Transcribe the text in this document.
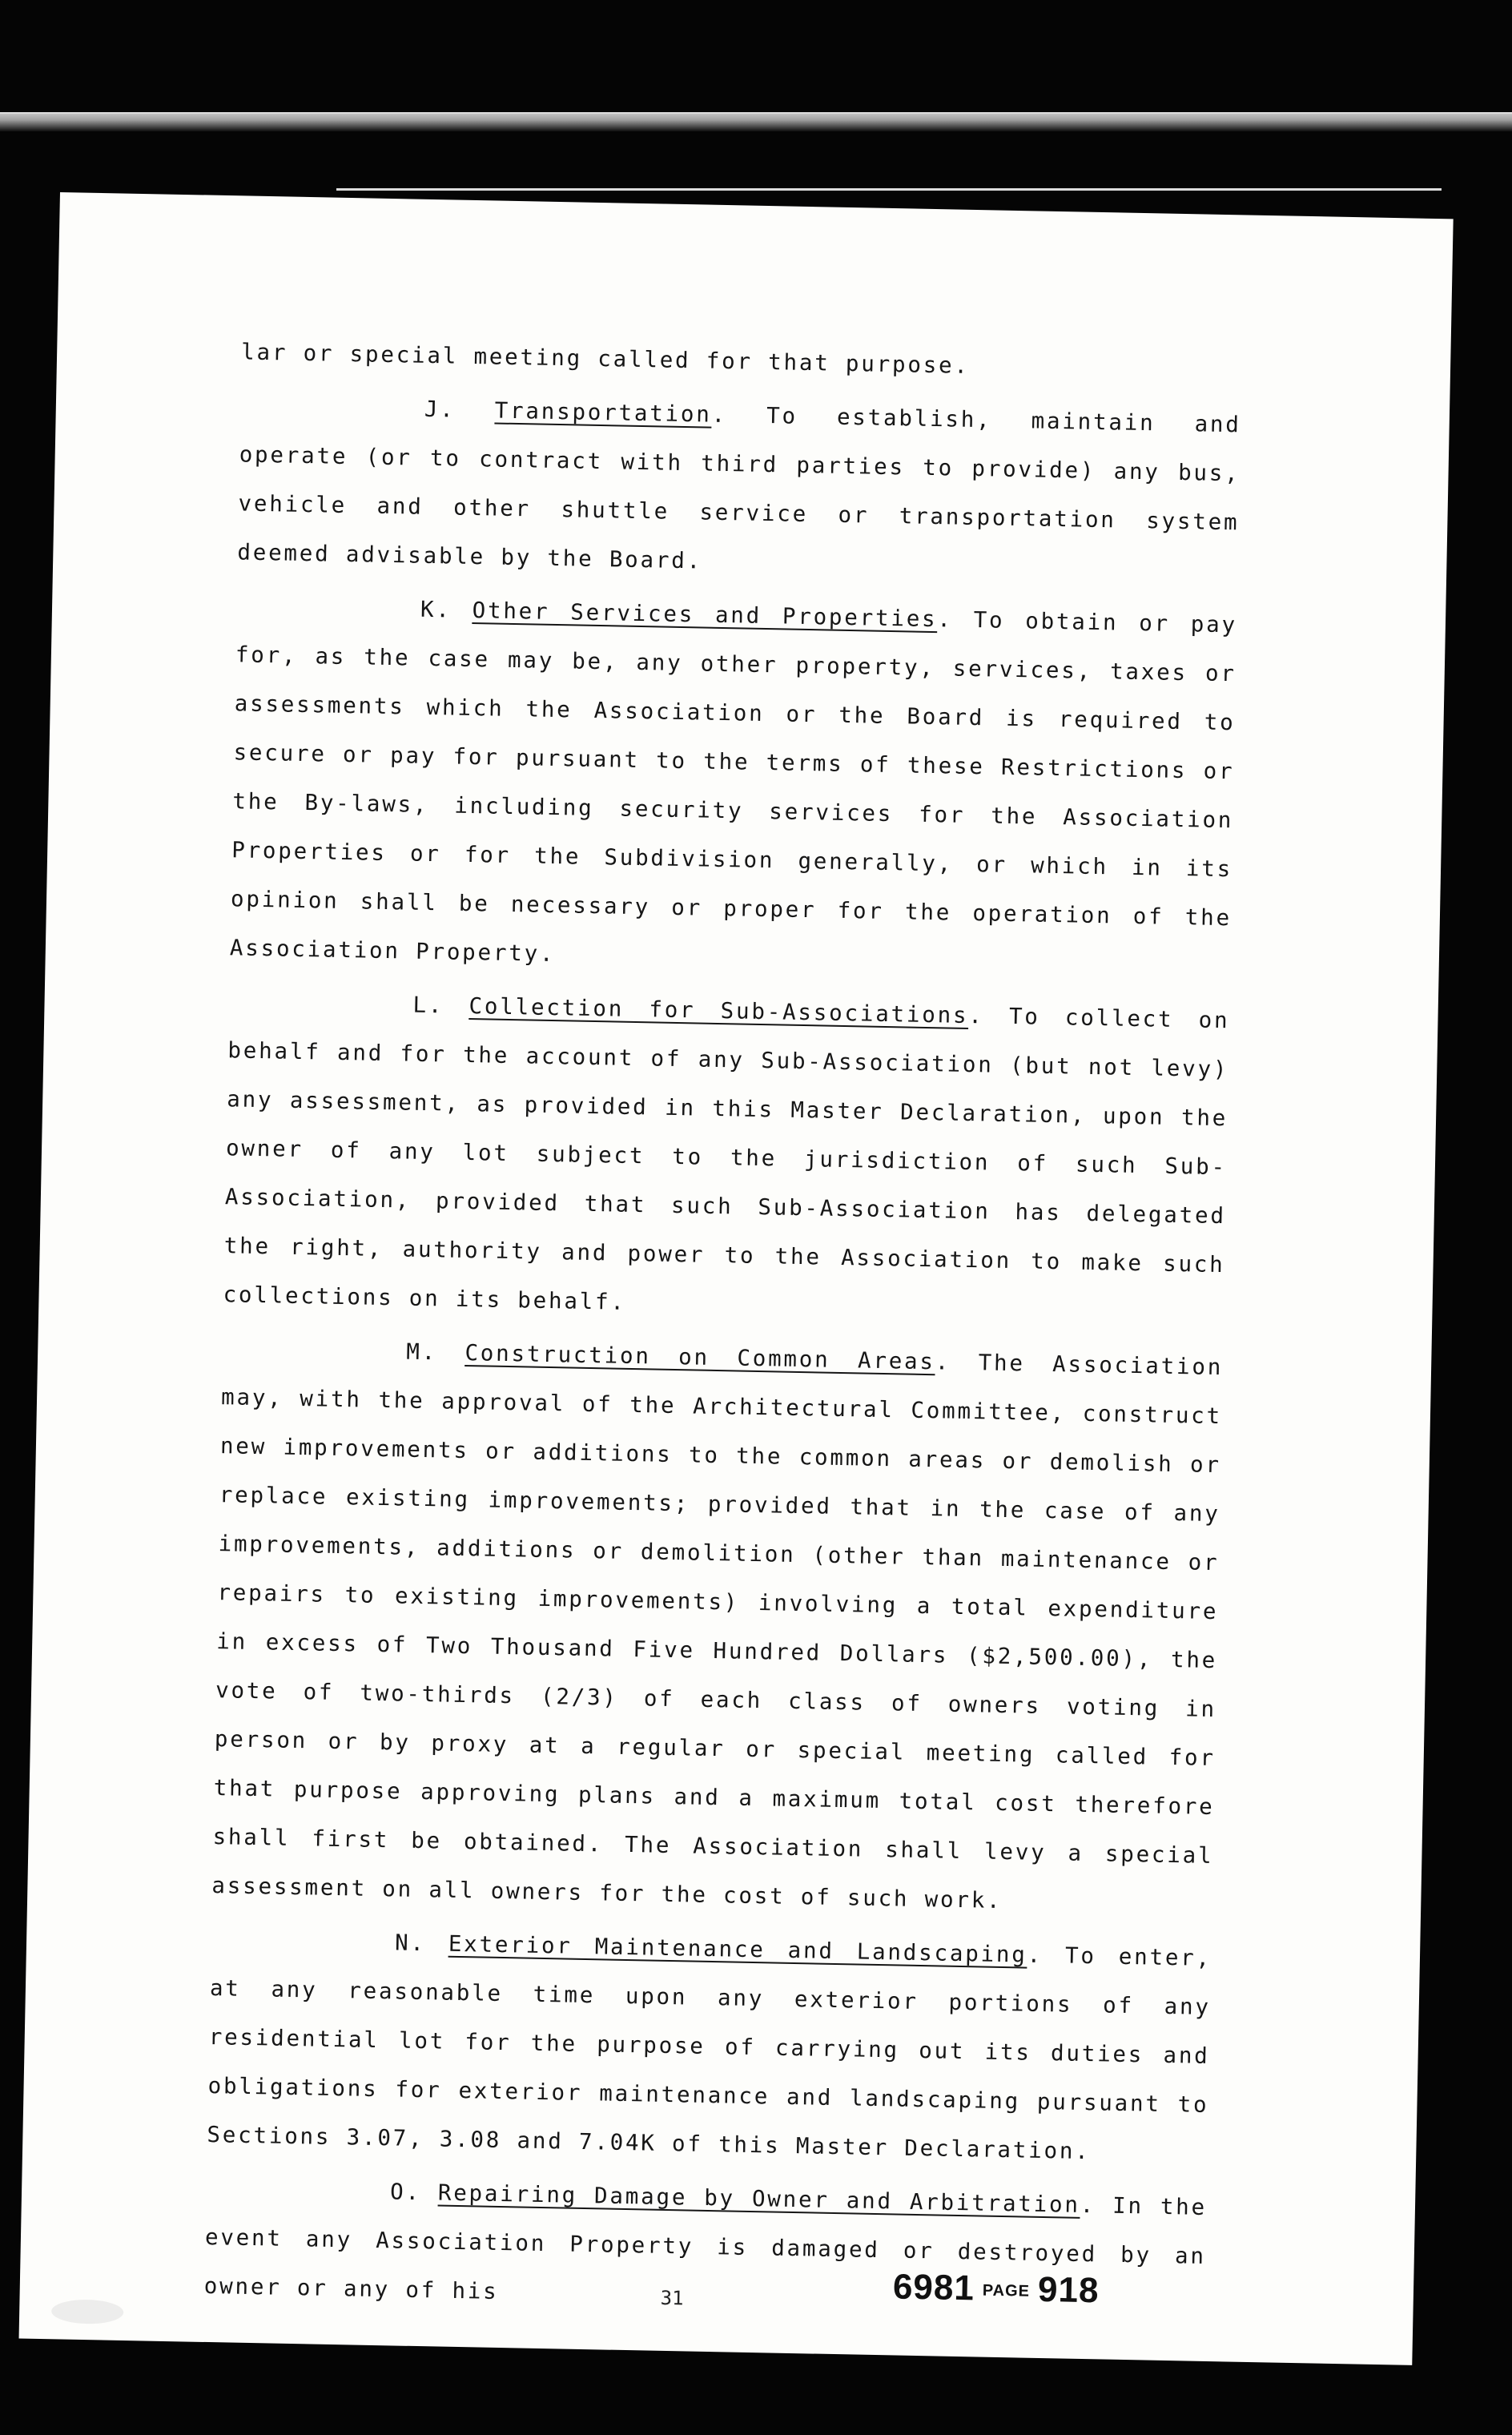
lar or special meeting called for that purpose.

J. Transportation. To establish, maintain and operate (or to contract with third parties to provide) any bus, vehicle and other shuttle service or transportation system deemed advisable by the Board.

K. Other Services and Properties. To obtain or pay for, as the case may be, any other property, services, taxes or assessments which the Association or the Board is required to secure or pay for pursuant to the terms of these Restrictions or the By-laws, including security services for the Association Properties or for the Subdivision generally, or which in its opinion shall be necessary or proper for the operation of the Association Property.

L. Collection for Sub-Associations. To collect on behalf and for the account of any Sub-Association (but not levy) any assessment, as provided in this Master Declaration, upon the owner of any lot subject to the jurisdiction of such Sub-Association, provided that such Sub-Association has delegated the right, authority and power to the Association to make such collections on its behalf.

M. Construction on Common Areas. The Association may, with the approval of the Architectural Committee, construct new improvements or additions to the common areas or demolish or replace existing improvements; provided that in the case of any improvements, additions or demolition (other than maintenance or repairs to existing improvements) involving a total expenditure in excess of Two Thousand Five Hundred Dollars ($2,500.00), the vote of two-thirds (2/3) of each class of owners voting in person or by proxy at a regular or special meeting called for that purpose approving plans and a maximum total cost therefore shall first be obtained. The Association shall levy a special assessment on all owners for the cost of such work.

N. Exterior Maintenance and Landscaping. To enter, at any reasonable time upon any exterior portions of any residential lot for the purpose of carrying out its duties and obligations for exterior maintenance and landscaping pursuant to Sections 3.07, 3.08 and 7.04K of this Master Declaration.

O. Repairing Damage by Owner and Arbitration. In the event any Association Property is damaged or destroyed by an owner or any of his	6981 PAGE 918
31
